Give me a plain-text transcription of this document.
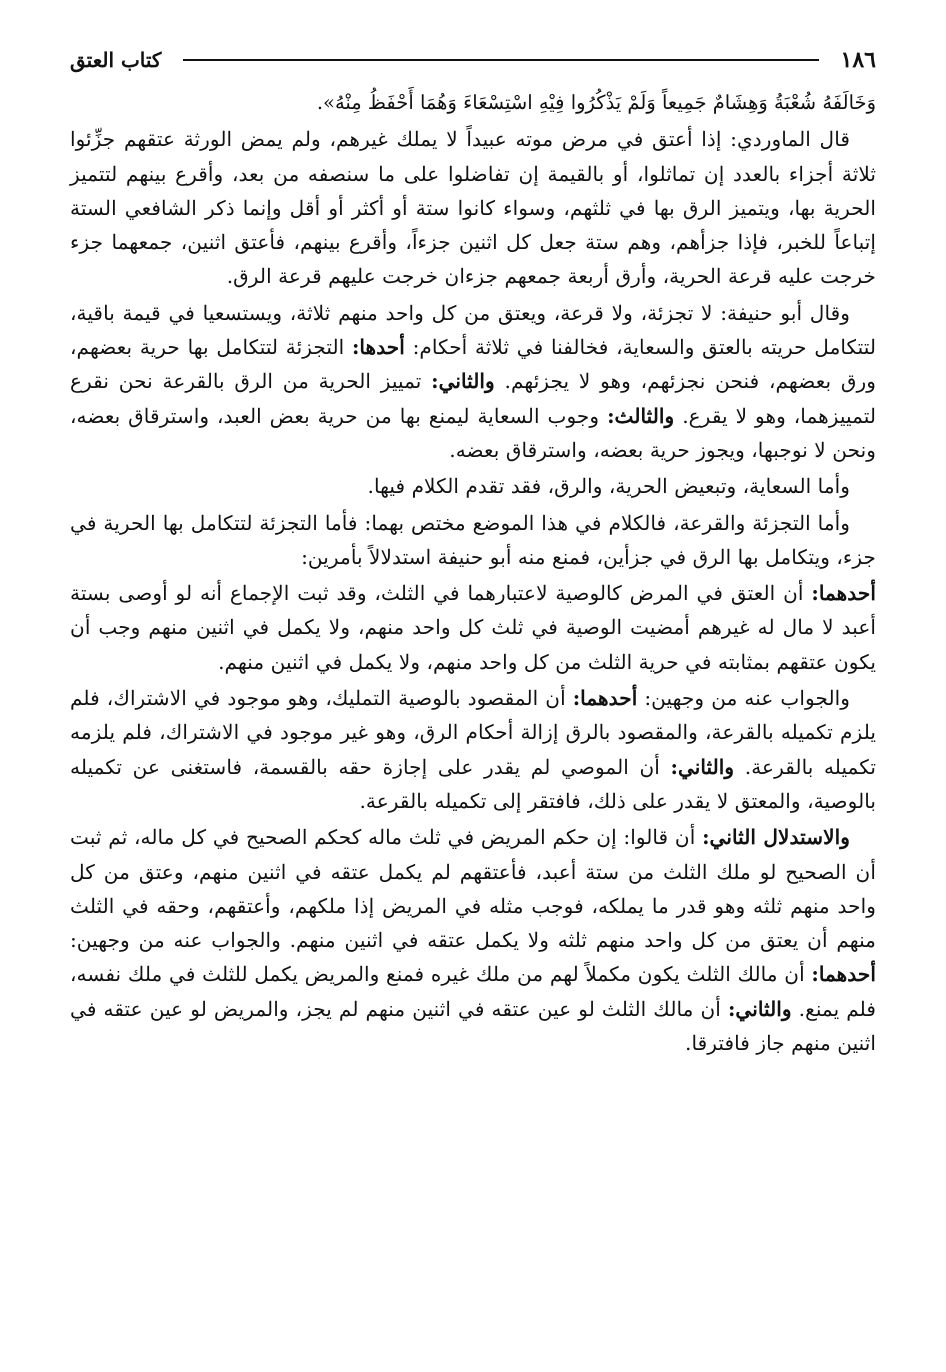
١٨٦
كتاب العتق

وَخَالَفَهُ شُعْبَةُ وَهِشَامٌ جَمِيعاً وَلَمْ يَذْكُرُوا فِيْهِ اسْتِسْعَاءَ وَهُمَا أَحْفَظُ مِنْهُ».

قال الماوردي: إذا أعتق في مرض موته عبيداً لا يملك غيرهم، ولم يمض الورثة عتقهم جزِّئوا ثلاثة أجزاء بالعدد إن تماثلوا، أو بالقيمة إن تفاضلوا على ما سنصفه من بعد، وأقرع بينهم لتتميز الحرية بها، ويتميز الرق بها في ثلثهم، وسواء كانوا ستة أو أكثر أو أقل وإنما ذكر الشافعي الستة إتباعاً للخبر، فإذا جزأهم، وهم ستة جعل كل اثنين جزءاً، وأقرع بينهم، فأعتق اثنين، جمعهما جزء خرجت عليه قرعة الحرية، وأرق أربعة جمعهم جزءان خرجت عليهم قرعة الرق.

وقال أبو حنيفة: لا تجزئة، ولا قرعة، ويعتق من كل واحد منهم ثلاثة، ويستسعيا في قيمة باقية، لتتكامل حريته بالعتق والسعاية، فخالفنا في ثلاثة أحكام: أحدها: التجزئة لتتكامل بها حرية بعضهم، ورق بعضهم، فنحن نجزئهم، وهو لا يجزئهم. والثاني: تمييز الحرية من الرق بالقرعة نحن نقرع لتمييزهما، وهو لا يقرع. والثالث: وجوب السعاية ليمنع بها من حرية بعض العبد، واسترقاق بعضه، ونحن لا نوجبها، ويجوز حرية بعضه، واسترقاق بعضه.

وأما السعاية، وتبعيض الحرية، والرق، فقد تقدم الكلام فيها.

وأما التجزئة والقرعة، فالكلام في هذا الموضع مختص بهما: فأما التجزئة لتتكامل بها الحرية في جزء، ويتكامل بها الرق في جزأين، فمنع منه أبو حنيفة استدلالاً بأمرين:

أحدهما: أن العتق في المرض كالوصية لاعتبارهما في الثلث، وقد ثبت الإجماع أنه لو أوصى بستة أعبد لا مال له غيرهم أمضيت الوصية في ثلث كل واحد منهم، ولا يكمل في اثنين منهم وجب أن يكون عتقهم بمثابته في حرية الثلث من كل واحد منهم، ولا يكمل في اثنين منهم.

والجواب عنه من وجهين: أحدهما: أن المقصود بالوصية التمليك، وهو موجود في الاشتراك، فلم يلزم تكميله بالقرعة، والمقصود بالرق إزالة أحكام الرق، وهو غير موجود في الاشتراك، فلم يلزمه تكميله بالقرعة. والثاني: أن الموصي لم يقدر على إجازة حقه بالقسمة، فاستغنى عن تكميله بالوصية، والمعتق لا يقدر على ذلك، فافتقر إلى تكميله بالقرعة.

والاستدلال الثاني: أن قالوا: إن حكم المريض في ثلث ماله كحكم الصحيح في كل ماله، ثم ثبت أن الصحيح لو ملك الثلث من ستة أعبد، فأعتقهم لم يكمل عتقه في اثنين منهم، وعتق من كل واحد منهم ثلثه وهو قدر ما يملكه، فوجب مثله في المريض إذا ملكهم، وأعتقهم، وحقه في الثلث منهم أن يعتق من كل واحد منهم ثلثه ولا يكمل عتقه في اثنين منهم. والجواب عنه من وجهين: أحدهما: أن مالك الثلث يكون مكملاً لهم من ملك غيره فمنع والمريض يكمل للثلث في ملك نفسه، فلم يمنع. والثاني: أن مالك الثلث لو عين عتقه في اثنين منهم لم يجز، والمريض لو عين عتقه في اثنين منهم جاز فافترقا.
